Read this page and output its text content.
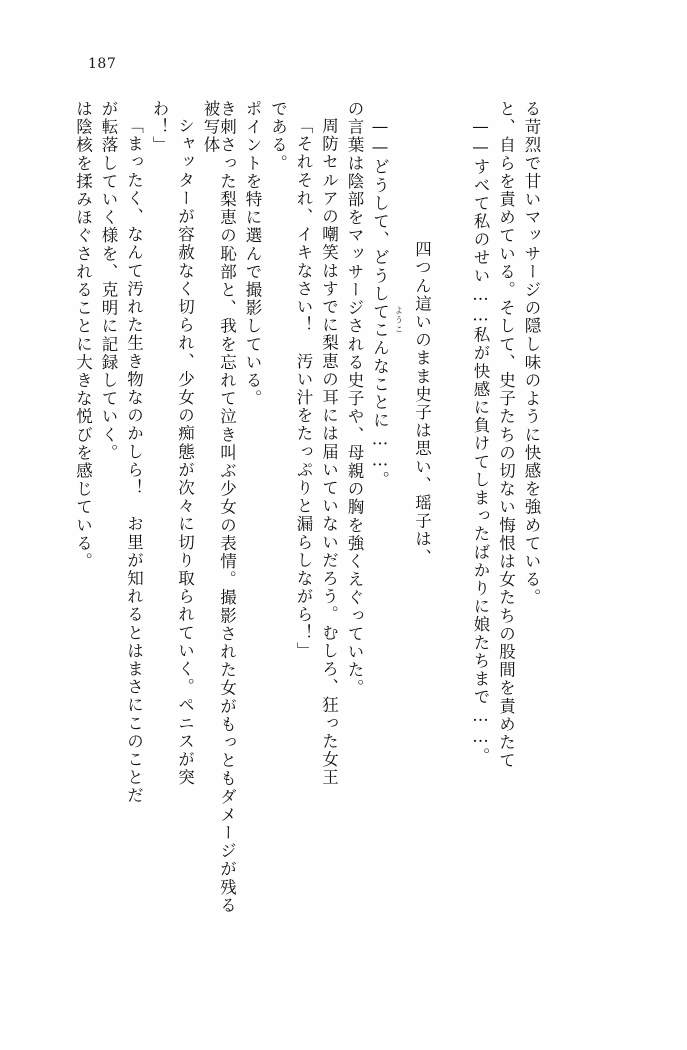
187
は陰核を揉みほぐされることに大きな悦びを感じている。 が転落していく様を、克明に記録していく。 「まったく、なんて汚れた生き物なのかしら！　お里が知れるとはまさにこのことだ わ！」 シャッターが容赦なく切られ、少女の痴態が次々に切り取られていく。ペニスが突	き刺さった梨恵の恥部と、我を忘れて泣き叫ぶ少女の表情。撮影された女がもっともダメージが残る被写体	ポイントを特に選んで撮影している。 である。 「それそれ、イキなさい！　汚い汁をたっぷりと漏らしながら！」 周防セルアの嘲笑はすでに梨恵の耳には届いていないだろう。むしろ、狂った女王 の言葉は陰部をマッサージされる史子や、母親の胸を強くえぐっていた。 ——どうして、どうしてこんなことに……。

ようこ 四つん這いのまま史子は思い、瑶子は、
	——すべて私のせい……私が快感に負けてしまったばかりに娘たちまで……。 と、自らを責めている。そして、史子たちの切ない悔恨は女たちの股間を責めたて る苛烈で甘いマッサージの隠し味のように快感を強めている。
